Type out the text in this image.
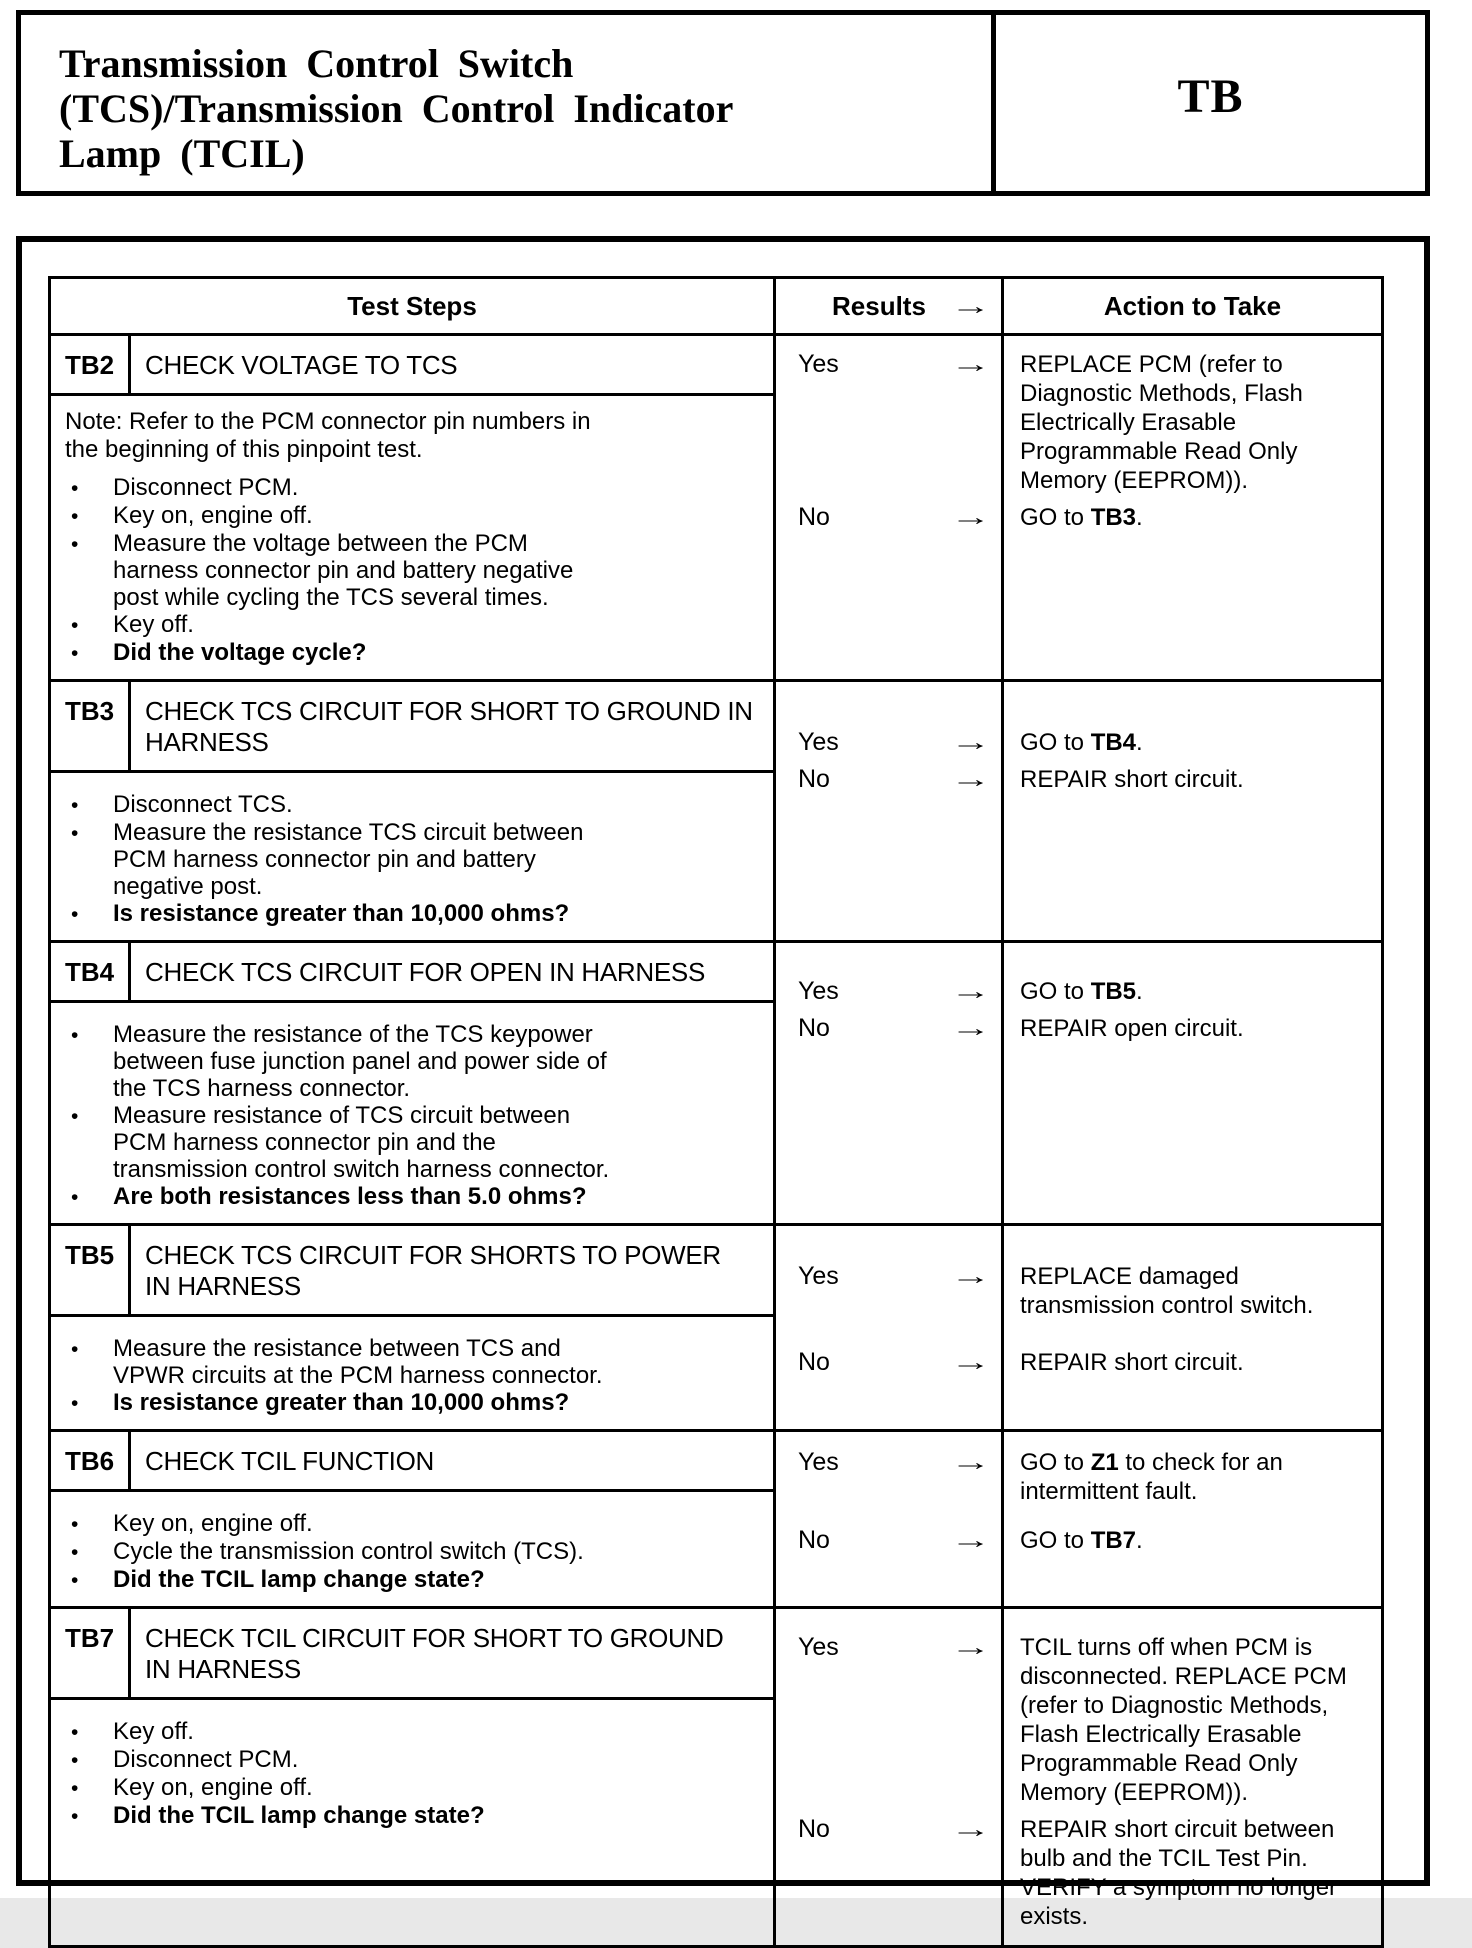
Transmission Control Switch
(TCS)/Transmission Control Indicator
Lamp (TCIL)
TB
Test Steps	Results →	Action to Take
TB2	CHECK VOLTAGE TO TCS
Note: Refer to the PCM connector pin numbers in the beginning of this pinpoint test.
•	Disconnect PCM.
•	Key on, engine off.
•	Measure the voltage between the PCM harness connector pin and battery negative post while cycling the TCS several times.
•	Key off.
•	Did the voltage cycle?
Yes	→	REPLACE PCM (refer to Diagnostic Methods, Flash Electrically Erasable Programmable Read Only Memory (EEPROM)).
No	→	GO to TB3.
TB3	CHECK TCS CIRCUIT FOR SHORT TO GROUND IN HARNESS
•	Disconnect TCS.
•	Measure the resistance TCS circuit between PCM harness connector pin and battery negative post.
•	Is resistance greater than 10,000 ohms?
Yes	→	GO to TB4.
No	→	REPAIR short circuit.
TB4	CHECK TCS CIRCUIT FOR OPEN IN HARNESS
•	Measure the resistance of the TCS keypower between fuse junction panel and power side of the TCS harness connector.
•	Measure resistance of TCS circuit between PCM harness connector pin and the transmission control switch harness connector.
•	Are both resistances less than 5.0 ohms?
Yes	→	GO to TB5.
No	→	REPAIR open circuit.
TB5	CHECK TCS CIRCUIT FOR SHORTS TO POWER IN HARNESS
•	Measure the resistance between TCS and VPWR circuits at the PCM harness connector.
•	Is resistance greater than 10,000 ohms?
Yes	→	REPLACE damaged transmission control switch.
No	→	REPAIR short circuit.
TB6	CHECK TCIL FUNCTION
•	Key on, engine off.
•	Cycle the transmission control switch (TCS).
•	Did the TCIL lamp change state?
Yes	→	GO to Z1 to check for an intermittent fault.
No	→	GO to TB7.
TB7	CHECK TCIL CIRCUIT FOR SHORT TO GROUND IN HARNESS
•	Key off.
•	Disconnect PCM.
•	Key on, engine off.
•	Did the TCIL lamp change state?
Yes	→	TCIL turns off when PCM is disconnected. REPLACE PCM (refer to Diagnostic Methods, Flash Electrically Erasable Programmable Read Only Memory (EEPROM)).
No	→	REPAIR short circuit between bulb and the TCIL Test Pin. VERIFY a symptom no longer exists.
